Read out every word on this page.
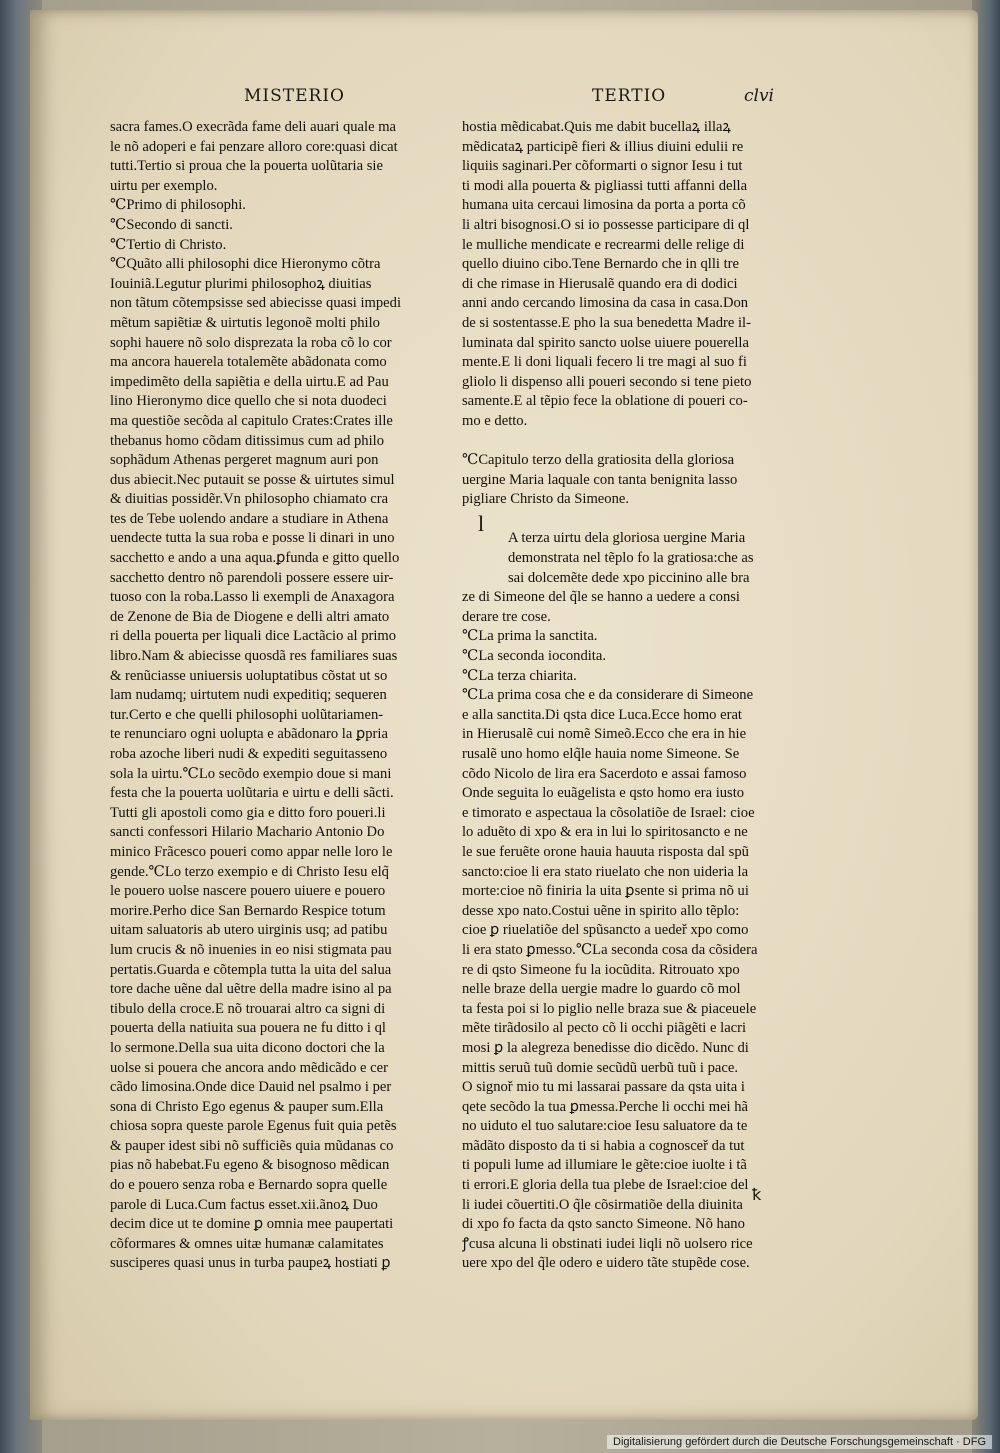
MISTERIO	TERTIO	clvi
sacra fames.O execrãda fame deli auari quale ma
le nõ adoperi e fai penzare alloro core:quasi dicat
tutti.Tertio si proua che la pouerta uolũtaria sie
uirtu per exemplo.
℃Primo di philosophi.
℃Secondo di sancti.
℃Tertio di Christo.
℃Quãto alli philosophi dice Hieronymo cõtra
Iouiniã.Legutur plurimi philosophoꝝ diuitias
non tãtum cõtempsisse sed abiecisse quasi impedi
mẽtum sapiẽtiæ & uirtutis legonoẽ molti philo
sophi hauere nõ solo disprezata la roba cõ lo cor
ma ancora hauerela totalemẽte abãdonata como
impedimẽto della sapiẽtia e della uirtu.E ad Pau
lino Hieronymo dice quello che si nota duodeci
ma questiõe secõda al capitulo Crates:Crates ille
thebanus homo cõdam ditissimus cum ad philo
sophãdum Athenas pergeret magnum auri pon
dus abiecit.Nec putauit se posse & uirtutes simul
& diuitias possidẽr.Vn philosopho chiamato cra
tes de Tebe uolendo andare a studiare in Athena
uendecte tutta la sua roba e posse li dinari in uno
sacchetto e ando a una aqua.ꝑfunda e gitto quello
sacchetto dentro nõ parendoli possere essere uir-
tuoso con la roba.Lasso li exempli de Anaxagora
de Zenone de Bia de Diogene e delli altri amato
ri della pouerta per liquali dice Lactãcio al primo
libro.Nam & abiecisse quosdã res familiares suas
& renũciasse uniuersis uoluptatibus cõstat ut so
lam nudamq; uirtutem nudi expeditiq; sequeren
tur.Certo e che quelli philosophi uolũtariamen-
te renunciaro ogni uolupta e abãdonaro la ꝑpria
roba azoche liberi nudi & expediti seguitasseno
sola la uirtu.℃Lo secõdo exempio doue si mani
festa che la pouerta uolũtaria e uirtu e delli sãcti.
Tutti gli apostoli como gia e ditto foro poueri.li
sancti confessori Hilario Machario Antonio Do
minico Frãcesco poueri como appar nelle loro le
gende.℃Lo terzo exempio e di Christo Iesu elq̃
le pouero uolse nascere pouero uiuere e pouero
morire.Perho dice San Bernardo Respice totum
uitam saluatoris ab utero uirginis usq; ad patibu
lum crucis & nõ inuenies in eo nisi stigmata pau
pertatis.Guarda e cõtempla tutta la uita del salua
tore dache uẽne dal uẽtre della madre isino al pa
tibulo della croce.E nõ trouarai altro ca signi di
pouerta della natiuita sua pouera ne fu ditto i ql
lo sermone.Della sua uita dicono doctori che la
uolse si pouera che ancora ando mẽdicãdo e cer
cãdo limosina.Onde dice Dauid nel psalmo i per
sona di Christo Ego egenus & pauper sum.Ella
chiosa sopra queste parole Egenus fuit quia petẽs
& pauper idest sibi nõ sufficiẽs quia mũdanas co
pias nõ habebat.Fu egeno & bisognoso mẽdican
do e pouero senza roba e Bernardo sopra quelle
parole di Luca.Cum factus esset.xii.ãnoꝝ Duo
decim dice ut te domine ꝑ omnia mee paupertati
cõformares & omnes uitæ humanæ calamitates
susciperes quasi unus in turba paupeꝝ hostiati ꝑ
hostia mẽdicabat.Quis me dabit bucellaꝝ illaꝝ
mẽdicataꝝ participẽ fieri & illius diuini edulii re
liquiis saginari.Per cõformarti o signor Iesu i tut
ti modi alla pouerta & pigliassi tutti affanni della
humana uita cercaui limosina da porta a porta cõ
li altri bisognosi.O si io possesse participare di ql
le mulliche mendicate e recrearmi delle relige di
quello diuino cibo.Tene Bernardo che in qlli tre
di che rimase in Hierusalẽ quando era di dodici
anni ando cercando limosina da casa in casa.Don
de si sostentasse.E pho la sua benedetta Madre il-
luminata dal spirito sancto uolse uiuere pouerella
mente.E li doni liquali fecero li tre magi al suo fi
gliolo li dispenso alli poueri secondo si tene pieto
samente.E al tẽpio fece la oblatione di poueri co-
mo e detto.
℃Capitulo terzo della gratiosita della gloriosa
uergine Maria laquale con tanta benignita lasso
pigliare Christo da Simeone.
A terza uirtu dela gloriosa uergine Maria
demonstrata nel tẽplo fo la gratiosa:che as
sai dolcemẽte dede xpo piccinino alle bra
ze di Simeone del q̃le se hanno a uedere a consi
derare tre cose.
℃La prima la sanctita.
℃La seconda iocondita.
℃La terza chiarita.
℃La prima cosa che e da considerare di Simeone
e alla sanctita.Di qsta dice Luca.Ecce homo erat
in Hierusalẽ cui nomẽ Simeõ.Ecco che era in hie
rusalẽ uno homo elq̃le hauia nome Simeone. Se
cõdo Nicolo de lira era Sacerdoto e assai famoso
Onde seguita lo euãgelista e qsto homo era iusto
e timorato e aspectaua la cõsolatiõe de Israel: cioe
lo aduẽto di xpo & era in lui lo spiritosancto e ne
le sue feruẽte orone hauia hauuta risposta dal spũ
sancto:cioe li era stato riuelato che non uideria la
morte:cioe nõ finiria la uita ꝑsente si prima nõ ui
desse xpo nato.Costui uẽne in spirito allo tẽplo:
cioe ꝑ riuelatiõe del spũsancto a uedeř xpo como
li era stato ꝑmesso.℃La seconda cosa da cõsidera
re di qsto Simeone fu la iocũdita. Ritrouato xpo
nelle braze della uergie madre lo guardo cõ mol
ta festa poi si lo piglio nelle braza sue & piaceuele
mẽte tirãdosilo al pecto cõ li occhi piãgẽti e lacri
mosi ꝑ la alegreza benedisse dio dicẽdo. Nunc di
mittis seruũ tuũ domie secũdũ uerbũ tuũ i pace.
O signoř mio tu mi lassarai passare da qsta uita i
qete secõdo la tua ꝑmessa.Perche li occhi mei hã
no uiduto el tuo salutare:cioe Iesu saluatore da te
mãdãto disposto da ti si habia a cognosceř da tut
ti populi lume ad illumiare le gẽte:cioe iuolte i tã
ti errori.E gloria della tua plebe de Israel:cioe del
li iudei cõuertiti.O q̃le cõsirmatiõe della diuinita
di xpo fo facta da qsto sancto Simeone. Nõ hano
ꝭcusa alcuna li obstinati iudei liqli nõ uolsero rice
uere xpo del q̃le odero e uidero tãte stupẽde cose.
l
ꝁ
Digitalisierung gefördert durch die Deutsche Forschungsgemeinschaft · DFG
